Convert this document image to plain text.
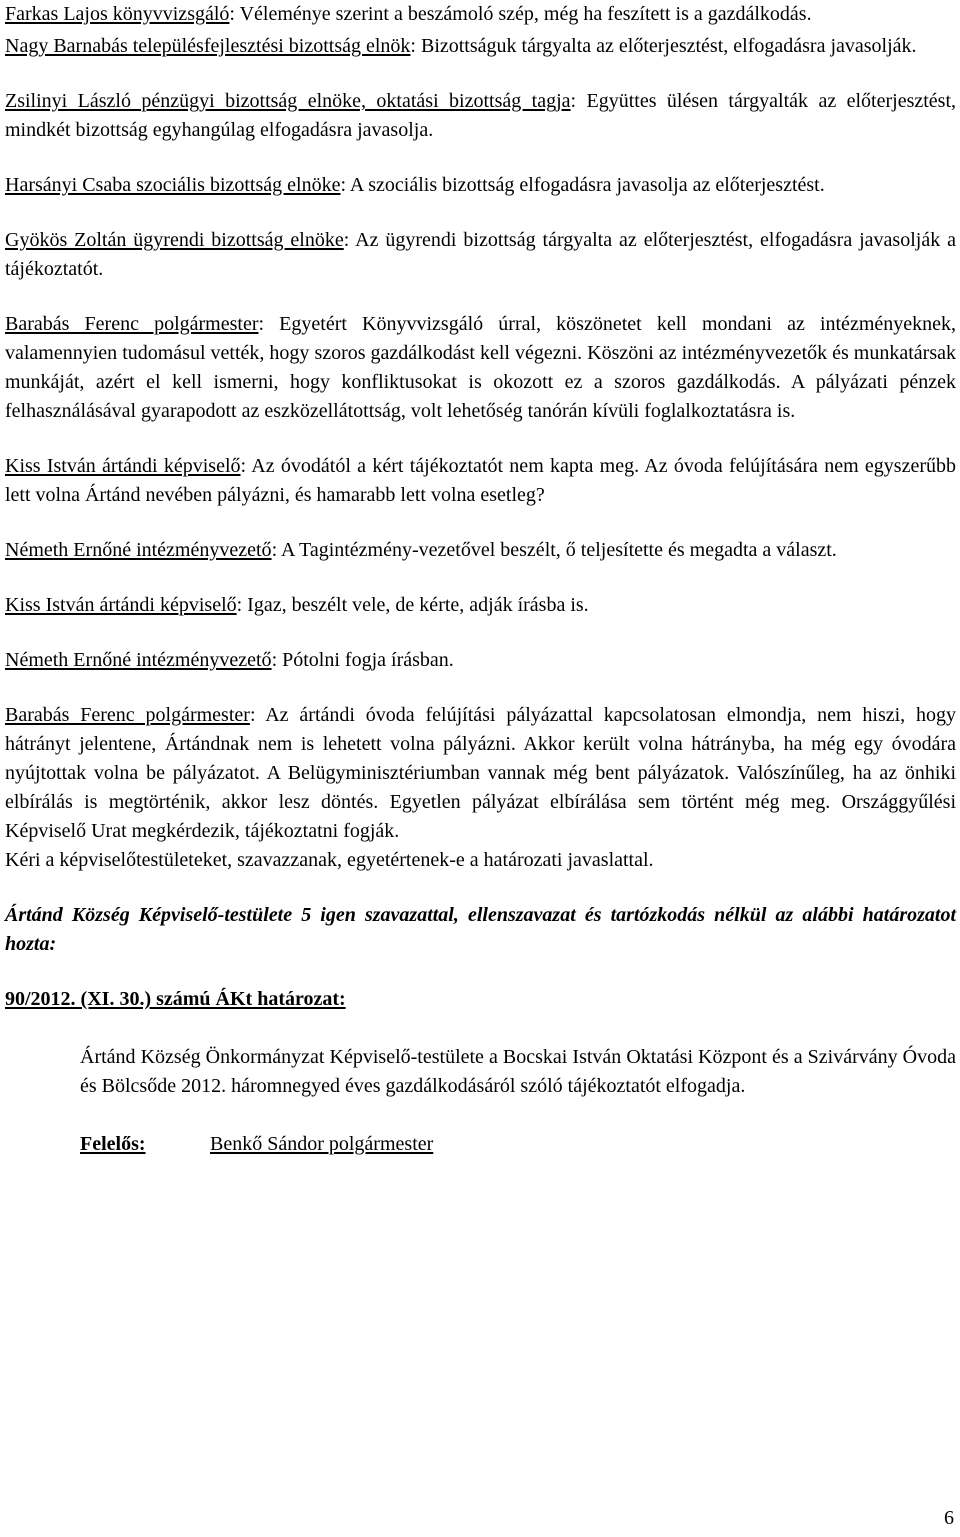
Farkas Lajos könyvvizsgáló: Véleménye szerint a beszámoló szép, még ha feszített is a gazdálkodás.

Nagy Barnabás településfejlesztési bizottság elnök: Bizottságuk tárgyalta az előterjesztést, elfogadásra javasolják.

Zsilinyi László pénzügyi bizottság elnöke, oktatási bizottság tagja: Együttes ülésen tárgyalták az előterjesztést, mindkét bizottság egyhangúlag elfogadásra javasolja.

Harsányi Csaba szociális bizottság elnöke: A szociális bizottság elfogadásra javasolja az előterjesztést.

Gyökös Zoltán ügyrendi bizottság elnöke: Az ügyrendi bizottság tárgyalta az előterjesztést, elfogadásra javasolják a tájékoztatót.

Barabás Ferenc polgármester: Egyetért Könyvvizsgáló úrral, köszönetet kell mondani az intézményeknek, valamennyien tudomásul vették, hogy szoros gazdálkodást kell végezni. Köszöni az intézményvezetők és munkatársak munkáját, azért el kell ismerni, hogy konfliktusokat is okozott ez a szoros gazdálkodás. A pályázati pénzek felhasználásával gyarapodott az eszközellátottság, volt lehetőség tanórán kívüli foglalkoztatásra is.

Kiss István ártándi képviselő: Az óvodától a kért tájékoztatót nem kapta meg. Az óvoda felújítására nem egyszerűbb lett volna Ártánd nevében pályázni, és hamarabb lett volna esetleg?

Németh Ernőné intézményvezető: A Tagintézmény-vezetővel beszélt, ő teljesítette és megadta a választ.

Kiss István ártándi képviselő: Igaz, beszélt vele, de kérte, adják írásba is.

Németh Ernőné intézményvezető: Pótolni fogja írásban.

Barabás Ferenc polgármester: Az ártándi óvoda felújítási pályázattal kapcsolatosan elmondja, nem hiszi, hogy hátrányt jelentene, Ártándnak nem is lehetett volna pályázni. Akkor került volna hátrányba, ha még egy óvodára nyújtottak volna be pályázatot. A Belügyminisztériumban vannak még bent pályázatok. Valószínűleg, ha az önhiki elbírálás is megtörténik, akkor lesz döntés. Egyetlen pályázat elbírálása sem történt még meg. Országgyűlési Képviselő Urat megkérdezik, tájékoztatni fogják.

Kéri a képviselőtestületeket, szavazzanak, egyetértenek-e a határozati javaslattal.

Ártánd Község Képviselő-testülete 5 igen szavazattal, ellenszavazat és tartózkodás nélkül az alábbi határozatot hozta:

90/2012. (XI. 30.) számú ÁKt határozat:

Ártánd Község Önkormányzat Képviselő-testülete a Bocskai István Oktatási Központ és a Szivárvány Óvoda és Bölcsőde 2012. háromnegyed éves gazdálkodásáról szóló tájékoztatót elfogadja.

Felelős:	Benkő Sándor polgármester

6
